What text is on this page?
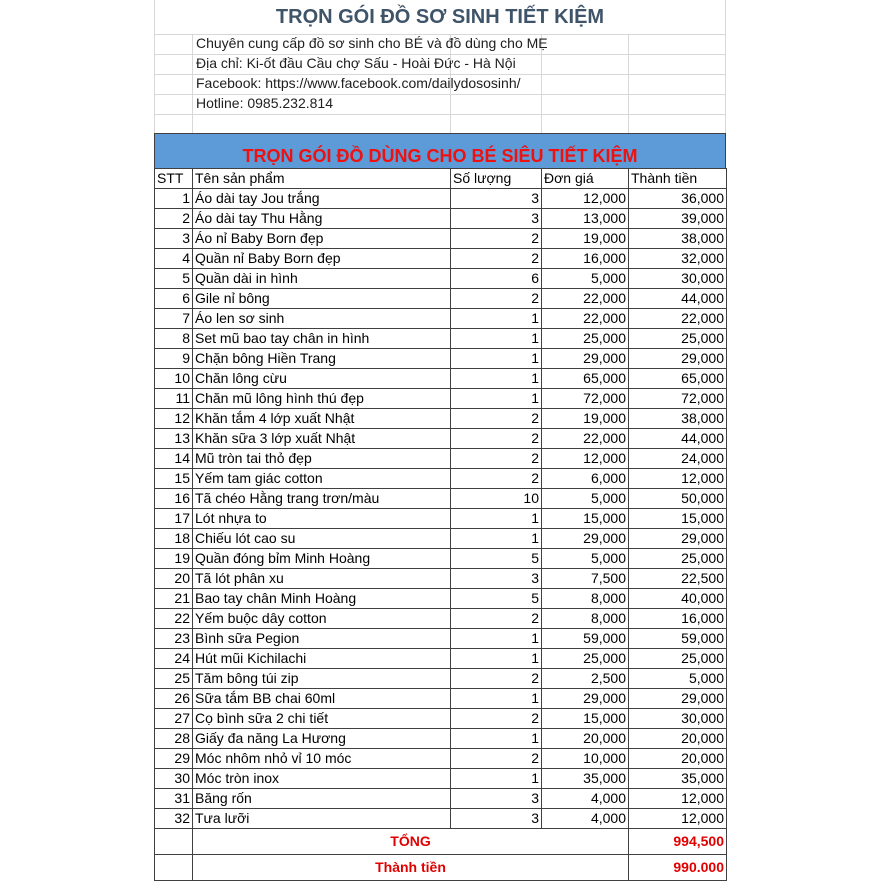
TRỌN GÓI ĐỒ SƠ SINH TIẾT KIỆM
Chuyên cung cấp đồ sơ sinh cho BÉ và đồ dùng cho MẸ
Địa chỉ: Ki-ốt đầu Cầu chợ Sấu - Hoài Đức - Hà Nội
Facebook: https://www.facebook.com/dailydososinh/
Hotline: 0985.232.814
TRỌN GÓI ĐỒ DÙNG CHO BÉ SIÊU TIẾT KIỆM
STT	Tên sản phẩm	Số lượng	Đơn giá	Thành tiền
1	Áo dài tay Jou trắng	3	12,000	36,000
2	Áo dài tay Thu Hằng	3	13,000	39,000
3	Áo nỉ Baby Born đẹp	2	19,000	38,000
4	Quần nỉ Baby Born đẹp	2	16,000	32,000
5	Quần dài in hình	6	5,000	30,000
6	Gile nỉ bông	2	22,000	44,000
7	Áo len sơ sinh	1	22,000	22,000
8	Set mũ bao tay chân in hình	1	25,000	25,000
9	Chặn bông Hiền Trang	1	29,000	29,000
10	Chăn lông cừu	1	65,000	65,000
11	Chăn mũ lông hình thú đẹp	1	72,000	72,000
12	Khăn tắm 4 lớp xuất Nhật	2	19,000	38,000
13	Khăn sữa 3 lớp xuất Nhật	2	22,000	44,000
14	Mũ tròn tai thỏ đẹp	2	12,000	24,000
15	Yếm tam giác cotton	2	6,000	12,000
16	Tã chéo Hằng trang trơn/màu	10	5,000	50,000
17	Lót nhựa to	1	15,000	15,000
18	Chiếu lót cao su	1	29,000	29,000
19	Quần đóng bỉm Minh Hoàng	5	5,000	25,000
20	Tã lót phân xu	3	7,500	22,500
21	Bao tay chân Minh Hoàng	5	8,000	40,000
22	Yếm buộc dây cotton	2	8,000	16,000
23	Bình sữa Pegion	1	59,000	59,000
24	Hút mũi Kichilachi	1	25,000	25,000
25	Tăm bông túi zip	2	2,500	5,000
26	Sữa tắm BB chai 60ml	1	29,000	29,000
27	Cọ bình sữa 2 chi tiết	2	15,000	30,000
28	Giấy đa năng La Hương	1	20,000	20,000
29	Móc nhôm nhỏ vỉ 10 móc	2	10,000	20,000
30	Móc tròn inox	1	35,000	35,000
31	Băng rốn	3	4,000	12,000
32	Tưa lưỡi	3	4,000	12,000
	TỔNG			994,500
	Thành tiền			990.000
